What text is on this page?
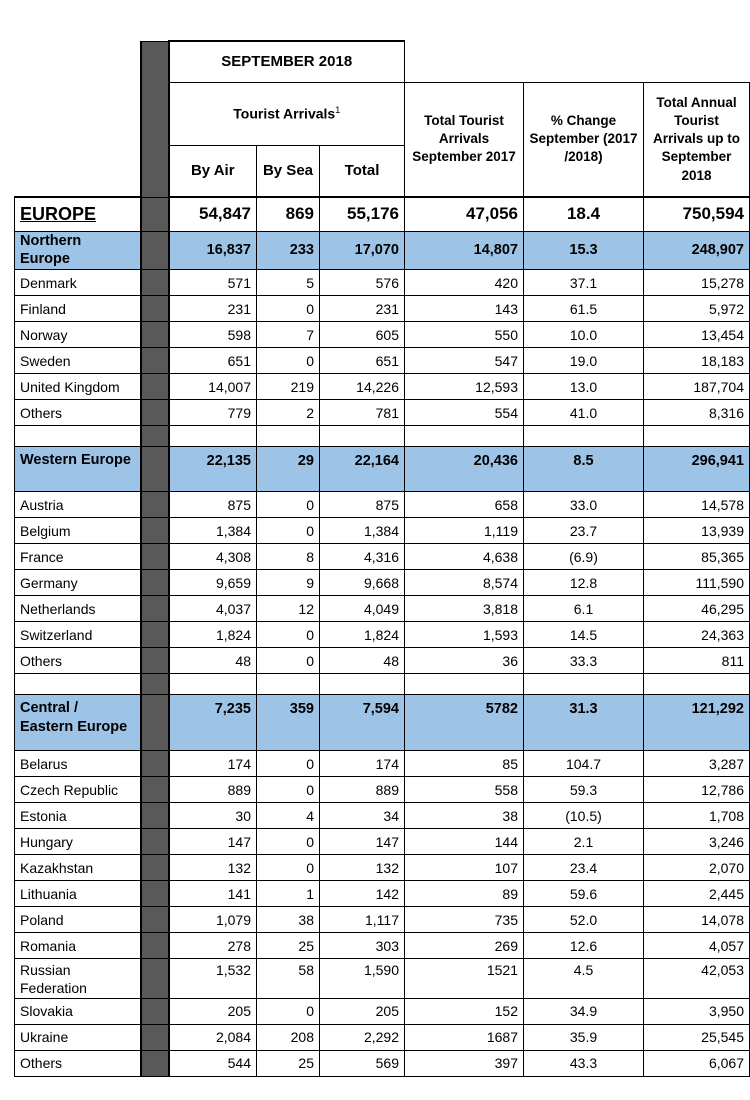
		SEPTEMBER 2018					
		Tourist Arrivals$^1$			Total Tourist Arrivals September 2017	% Change September (2017 /2018)	Total Annual Tourist Arrivals up to September 2018
		By Air	By Sea	Total			
EUROPE		54,847	869	55,176	47,056	18.4	750,594
Northern Europe		16,837	233	17,070	14,807	15.3	248,907
Denmark		571	5	576	420	37.1	15,278
Finland		231	0	231	143	61.5	5,972
Norway		598	7	605	550	10.0	13,454
Sweden		651	0	651	547	19.0	18,183
United Kingdom		14,007	219	14,226	12,593	13.0	187,704
Others		779	2	781	554	41.0	8,316

Western Europe		22,135	29	22,164	20,436	8.5	296,941
Austria		875	0	875	658	33.0	14,578
Belgium		1,384	0	1,384	1,119	23.7	13,939
France		4,308	8	4,316	4,638	(6.9)	85,365
Germany		9,659	9	9,668	8,574	12.8	111,590
Netherlands		4,037	12	4,049	3,818	6.1	46,295
Switzerland		1,824	0	1,824	1,593	14.5	24,363
Others		48	0	48	36	33.3	811

Central / Eastern Europe		7,235	359	7,594	5782	31.3	121,292
Belarus		174	0	174	85	104.7	3,287
Czech Republic		889	0	889	558	59.3	12,786
Estonia		30	4	34	38	(10.5)	1,708
Hungary		147	0	147	144	2.1	3,246
Kazakhstan		132	0	132	107	23.4	2,070
Lithuania		141	1	142	89	59.6	2,445
Poland		1,079	38	1,117	735	52.0	14,078
Romania		278	25	303	269	12.6	4,057
Russian Federation		1,532	58	1,590	1521	4.5	42,053
Slovakia		205	0	205	152	34.9	3,950
Ukraine		2,084	208	2,292	1687	35.9	25,545
Others		544	25	569	397	43.3	6,067
